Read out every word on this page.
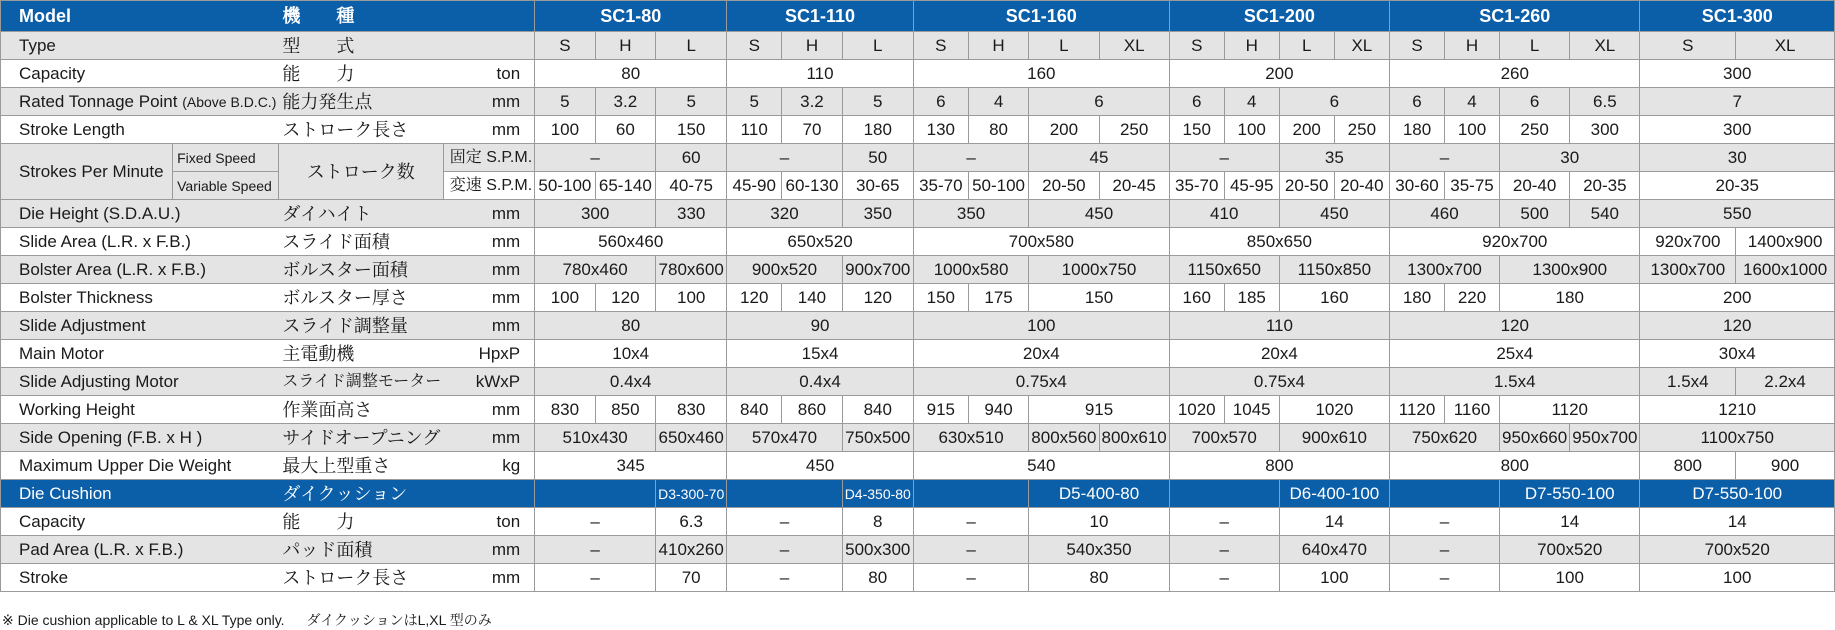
Model		機　　種		SC1-80			SC1-110			SC1-160				SC1-200				SC1-260				SC1-300	
Type		型　　式		S	H	L	S	H	L	S	H	L	XL	S	H	L	XL	S	H	L	XL	S	XL
Capacity		能　　力	ton	80			110			160				200				260				300	
Rated Tonnage Point (Above B.D.C.)		能力発生点	mm	5	3.2	5	5	3.2	5	6	4	6		6	4	6		6	4	6	6.5	7	
Stroke Length		ストローク長さ	mm	100	60	150	110	70	180	130	80	200	250	150	100	200	250	180	100	250	300	300	
Strokes Per Minute	Fixed Speed	ストローク数	固定 S.P.M.	–		60	–		50	–		45		–		35		–		30		30	
	Variable Speed		変速 S.P.M.	50-100	65-140	40-75	45-90	60-130	30-65	35-70	50-100	20-50	20-45	35-70	45-95	20-50	20-40	30-60	35-75	20-40	20-35	20-35	
Die Height (S.D.A.U.)		ダイハイト	mm	300		330	320		350	350		450		410		450		460		500	540	550	
Slide Area (L.R. x F.B.)		スライド面積	mm	560x460			650x520			700x580				850x650				920x700				920x700	1400x900
Bolster Area (L.R. x F.B.)		ボルスター面積	mm	780x460		780x600	900x520		900x700	1000x580		1000x750		1150x650		1150x850		1300x700		1300x900		1300x700	1600x1000
Bolster Thickness		ボルスター厚さ	mm	100	120	100	120	140	120	150	175	150		160	185	160		180	220	180		200	
Slide Adjustment		スライド調整量	mm	80			90			100				110				120				120	
Main Motor		主電動機	HpxP	10x4			15x4			20x4				20x4				25x4				30x4	
Slide Adjusting Motor		スライド調整モーター	kWxP	0.4x4			0.4x4			0.75x4				0.75x4				1.5x4				1.5x4	2.2x4
Working Height		作業面高さ	mm	830	850	830	840	860	840	915	940	915		1020	1045	1020		1120	1160	1120		1210	
Side Opening (F.B. x H )		サイドオープニング	mm	510x430		650x460	570x470		750x500	630x510		800x560	800x610	700x570		900x610		750x620		950x660	950x700	1100x750	
Maximum Upper Die Weight		最大上型重さ	kg	345			450			540				800				800				800	900
Die Cushion		ダイクッション				D3-300-70			D4-350-80			D5-400-80				D6-400-100				D7-550-100		D7-550-100	
Capacity		能　　力	ton	–		6.3	–		8	–		10		–		14		–		14		14	
Pad Area (L.R. x F.B.)		パッド面積	mm	–		410x260	–		500x300	–		540x350		–		640x470		–		700x520		700x520	
Stroke		ストローク長さ	mm	–		70	–		80	–		80		–		100		–		100		100	
※ Die cushion applicable to L & XL Type only. ダイクッションはL,XL 型のみ
